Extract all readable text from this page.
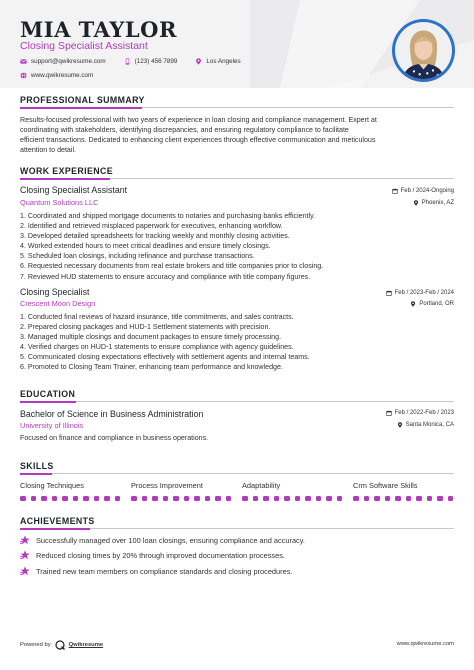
MIA TAYLOR
Closing Specialist Assistant
support@qwikresume.com	(123) 456 7899	Los Angeles
www.qwikresume.com
PROFESSIONAL SUMMARY
Results-focused professional with two years of experience in loan closing and compliance management. Expert at
coordinating with stakeholders, identifying discrepancies, and ensuring regulatory compliance to facilitate
efficient transactions. Dedicated to enhancing client experiences through effective communication and meticulous
attention to detail.
WORK EXPERIENCE
Closing Specialist Assistant
Quantum Solutions LLC
Feb / 2024-Ongoing
Phoenix, AZ
1. Coordinated and shipped mortgage documents to notaries and purchasing banks efficiently.
2. Identified and retrieved misplaced paperwork for executives, enhancing workflow.
3. Developed detailed spreadsheets for tracking weekly and monthly closing activities.
4. Worked extended hours to meet critical deadlines and ensure timely closings.
5. Scheduled loan closings, including refinance and purchase transactions.
6. Requested necessary documents from real estate brokers and title companies prior to closing.
7. Reviewed HUD statements to ensure accuracy and compliance with title company figures.
Closing Specialist
Crescent Moon Design
Feb / 2023-Feb / 2024
Portland, OR
1. Conducted final reviews of hazard insurance, title commitments, and sales contracts.
2. Prepared closing packages and HUD-1 Settlement statements with precision.
3. Managed multiple closings and document packages to ensure timely processing.
4. Verified charges on HUD-1 statements to ensure compliance with agency guidelines.
5. Communicated closing expectations effectively with settlement agents and internal teams.
6. Promoted to Closing Team Trainer, enhancing team performance and knowledge.
EDUCATION
Bachelor of Science in Business Administration
University of Illinois
Feb / 2022-Feb / 2023
Santa Monica, CA
Focused on finance and compliance in business operations.
SKILLS
Closing Techniques	Process Improvement	Adaptability	Crm Software Skills
ACHIEVEMENTS
Successfully managed over 100 loan closings, ensuring compliance and accuracy.
Reduced closing times by 20% through improved documentation processes.
Trained new team members on compliance standards and closing procedures.
Powered by	Qwikresume	www.qwikresume.com
